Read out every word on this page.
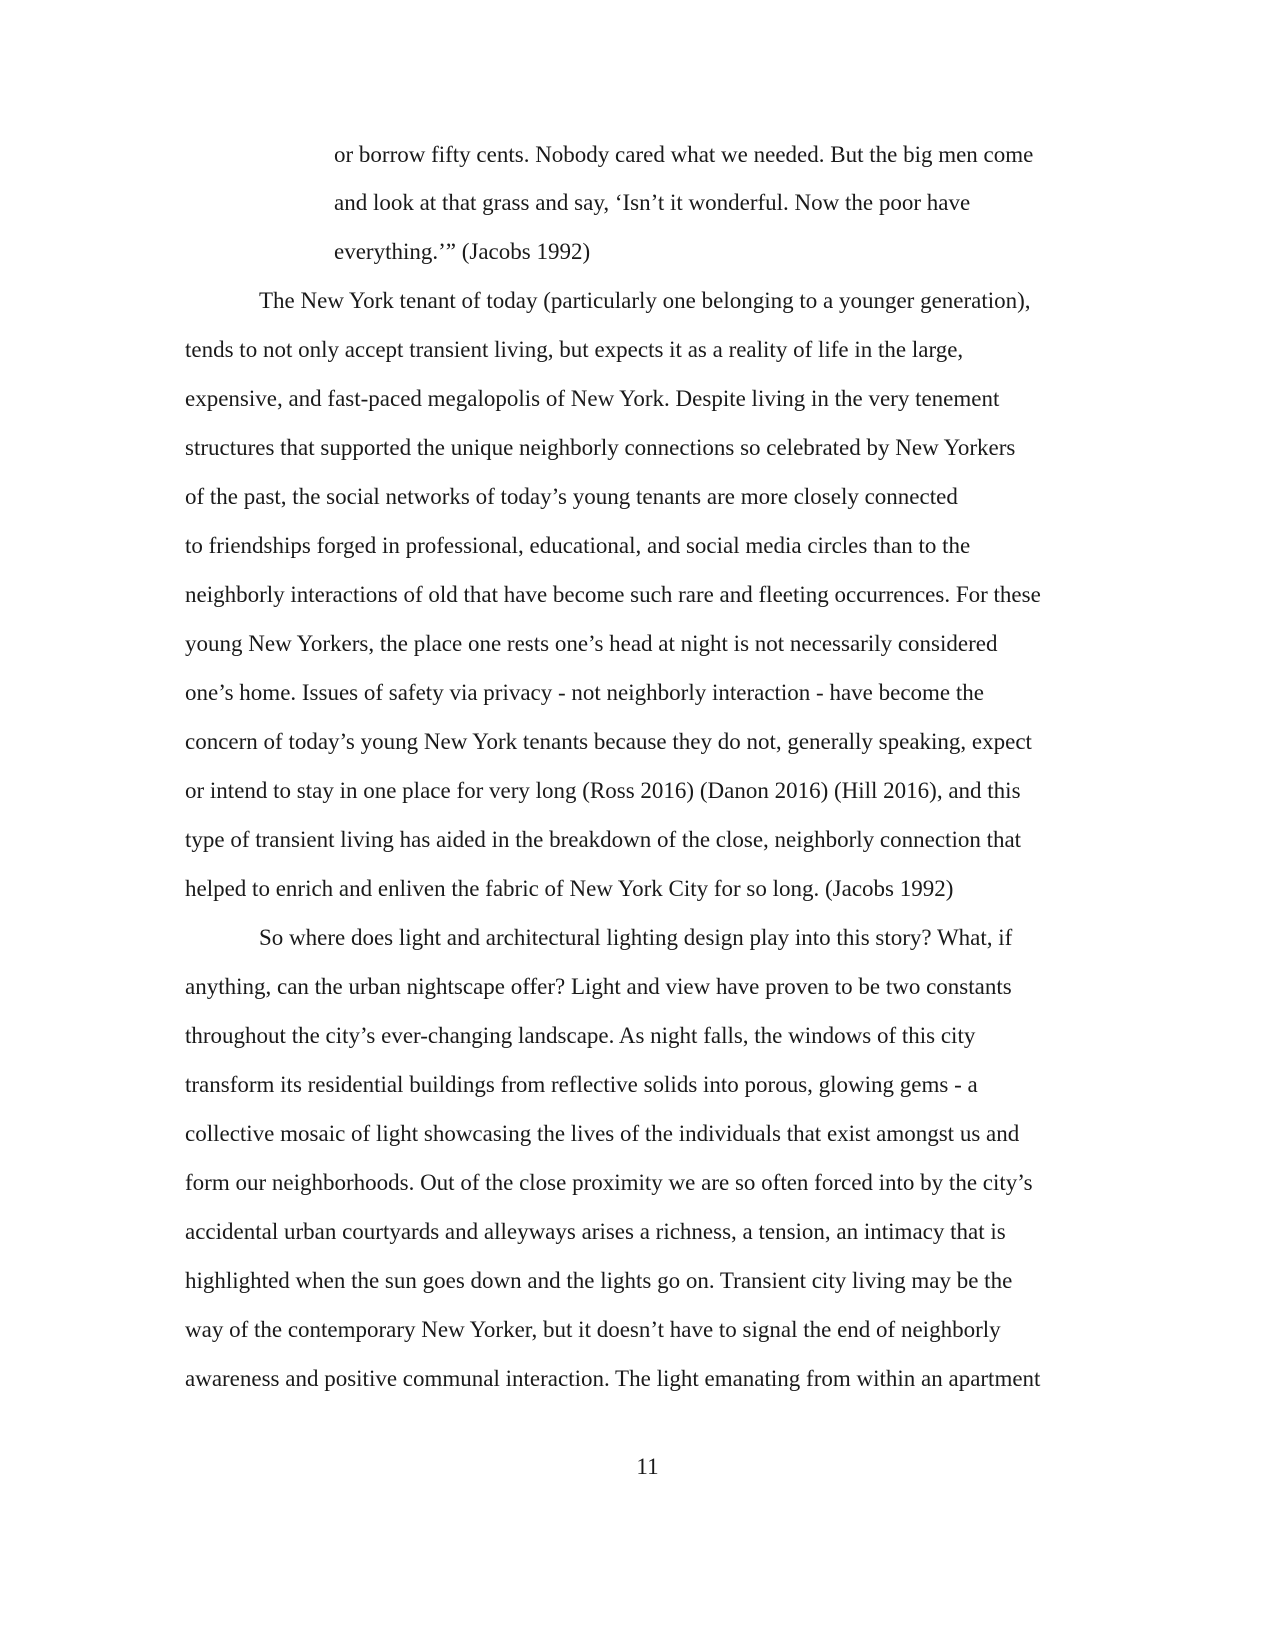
or borrow fifty cents. Nobody cared what we needed. But the big men come
and look at that grass and say, ‘Isn’t it wonderful. Now the poor have
everything.’” (Jacobs 1992)
The New York tenant of today (particularly one belonging to a younger generation),
tends to not only accept transient living, but expects it as a reality of life in the large,
expensive, and fast-paced megalopolis of New York. Despite living in the very tenement
structures that supported the unique neighborly connections so celebrated by New Yorkers
of the past, the social networks of today’s young tenants are more closely connected
to friendships forged in professional, educational, and social media circles than to the
neighborly interactions of old that have become such rare and fleeting occurrences. For these
young New Yorkers, the place one rests one’s head at night is not necessarily considered
one’s home. Issues of safety via privacy - not neighborly interaction - have become the
concern of today’s young New York tenants because they do not, generally speaking, expect
or intend to stay in one place for very long (Ross 2016) (Danon 2016) (Hill 2016), and this
type of transient living has aided in the breakdown of the close, neighborly connection that
helped to enrich and enliven the fabric of New York City for so long. (Jacobs 1992)
So where does light and architectural lighting design play into this story? What, if
anything, can the urban nightscape offer? Light and view have proven to be two constants
throughout the city’s ever-changing landscape. As night falls, the windows of this city
transform its residential buildings from reflective solids into porous, glowing gems - a
collective mosaic of light showcasing the lives of the individuals that exist amongst us and
form our neighborhoods. Out of the close proximity we are so often forced into by the city’s
accidental urban courtyards and alleyways arises a richness, a tension, an intimacy that is
highlighted when the sun goes down and the lights go on. Transient city living may be the
way of the contemporary New Yorker, but it doesn’t have to signal the end of neighborly
awareness and positive communal interaction. The light emanating from within an apartment
11
